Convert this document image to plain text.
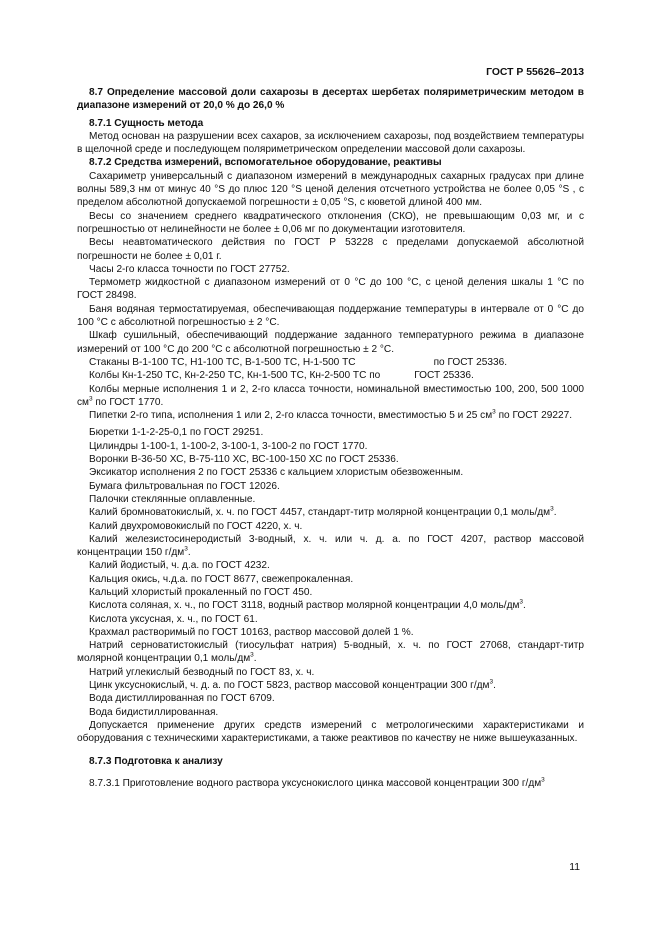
ГОСТ Р 55626–2013

8.7 Определение массовой доли сахарозы в десертах шербетах поляриметрическим методом в диапазоне измерений от 20,0 % до 26,0 %

8.7.1 Сущность метода

Метод основан на разрушении всех сахаров, за исключением сахарозы, под воздействием температуры в щелочной среде и последующем поляриметрическом определении массовой доли сахарозы.

8.7.2 Средства измерений, вспомогательное оборудование, реактивы

Сахариметр универсальный с диапазоном измерений в международных сахарных градусах при длине волны 589,3 нм от минус 40 °S до плюс 120 °S ценой деления отсчетного устройства не более 0,05 °S , с пределом абсолютной допускаемой погрешности ± 0,05 °S, с кюветой длиной 400 мм.

Весы со значением среднего квадратического отклонения (СКО), не превышающим 0,03 мг, и с погрешностью от нелинейности не более ± 0,06 мг по документации изготовителя.

Весы неавтоматического действия по ГОСТ Р 53228 с пределами допускаемой абсолютной погрешности не более ± 0,01 г.

Часы 2-го класса точности по ГОСТ 27752.

Термометр жидкостной с диапазоном измерений от 0 °С до 100 °С, с ценой деления шкалы 1 °С по ГОСТ 28498.

Баня водяная термостатируемая, обеспечивающая поддержание температуры в интервале от 0 °С до 100 °С с абсолютной погрешностью ± 2 °С.

Шкаф сушильный, обеспечивающий поддержание заданного температурного режима в диапазоне измерений от 100 °С до 200 °С с абсолютной погрешностью ± 2 °С.

Стаканы В-1-100 ТС, Н1-100 ТС, В-1-500 ТС, Н-1-500 ТС	по ГОСТ 25336.

Колбы Кн-1-250 ТС, Кн-2-250 ТС, Кн-1-500 ТС, Кн-2-500 ТС по	ГОСТ 25336.

Колбы мерные исполнения 1 и 2, 2-го класса точности, номинальной вместимостью 100, 200, 500 1000 $см^3$ по ГОСТ 1770.

Пипетки 2-го типа, исполнения 1 или 2, 2-го класса точности, вместимостью 5 и 25 $см^3$ по ГОСТ 29227.

Бюретки 1-1-2-25-0,1 по ГОСТ 29251.

Цилиндры 1-100-1, 1-100-2, 3-100-1, 3-100-2 по ГОСТ 1770.

Воронки В-36-50 ХС, В-75-110 ХС, ВС-100-150 ХС по ГОСТ 25336.

Эксикатор исполнения 2 по ГОСТ 25336 с кальцием хлористым обезвоженным.

Бумага фильтровальная по ГОСТ 12026.

Палочки стеклянные оплавленные.

Калий бромноватокислый, х. ч. по ГОСТ 4457, стандарт-титр молярной концентрации 0,1 моль/$дм^3$.

Калий двухромовокислый по ГОСТ 4220, х. ч.

Калий железистосинеродистый 3-водный, х. ч. или ч. д. а. по ГОСТ 4207, раствор массовой концентрации 150 $г/дм^3$.

Калий йодистый, ч. д.а. по ГОСТ 4232.

Кальция окись, ч.д.а. по ГОСТ 8677, свежепрокаленная.

Кальций хлористый прокаленный по ГОСТ 450.

Кислота соляная, х. ч., по ГОСТ 3118, водный раствор молярной концентрации 4,0 моль/$дм^3$.

Кислота уксусная, х. ч., по ГОСТ 61.

Крахмал растворимый по ГОСТ 10163, раствор массовой долей 1 %.

Натрий серноватистокислый (тиосульфат натрия) 5-водный, х. ч. по ГОСТ 27068, стандарт-титр молярной концентрации 0,1 моль/$дм^3$.

Натрий углекислый безводный по ГОСТ 83, х. ч.

Цинк уксуснокислый, ч. д. а. по ГОСТ 5823, раствор массовой концентрации 300 $г/дм^3$.

Вода дистиллированная по ГОСТ 6709.

Вода бидистиллированная.

Допускается применение других средств измерений с метрологическими характеристиками и оборудования с техническими характеристиками, а также реактивов по качеству не ниже вышеуказанных.

8.7.3 Подготовка к анализу

8.7.3.1 Приготовление водного раствора уксуснокислого цинка массовой концентрации 300 $г/дм^3$

11
